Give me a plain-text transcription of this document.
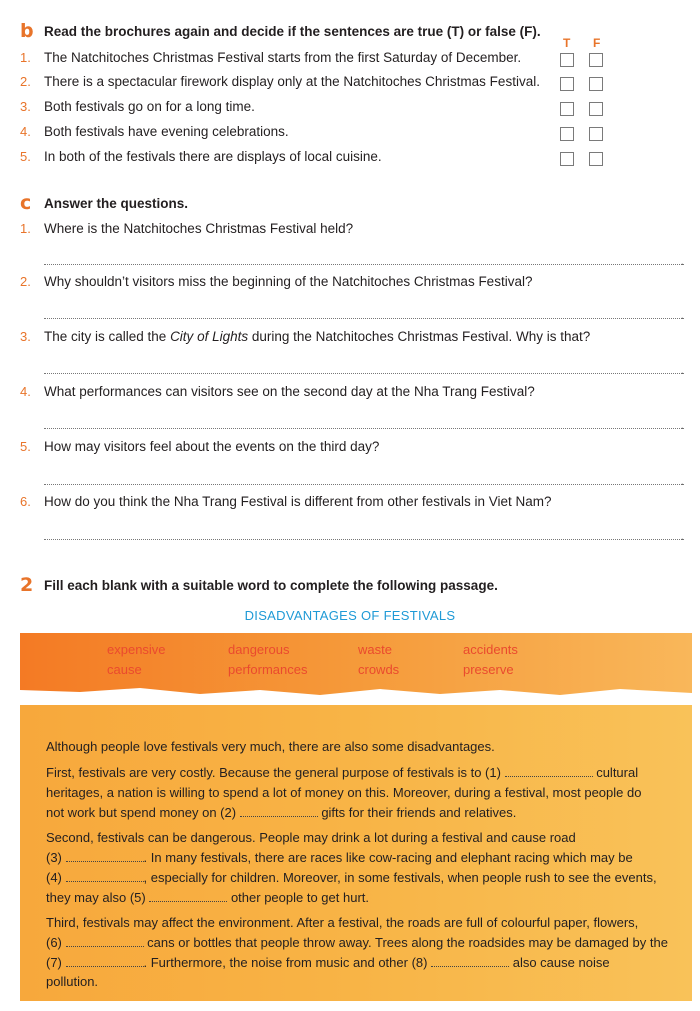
b Read the brochures again and decide if the sentences are true (T) or false (F).
T F
1. The Natchitoches Christmas Festival starts from the first Saturday of December.
2. There is a spectacular firework display only at the Natchitoches Christmas Festival.
3. Both festivals go on for a long time.
4. Both festivals have evening celebrations.
5. In both of the festivals there are displays of local cuisine.
c Answer the questions.
1. Where is the Natchitoches Christmas Festival held?
.
2. Why shouldn’t visitors miss the beginning of the Natchitoches Christmas Festival?
.
3. The city is called the City of Lights during the Natchitoches Christmas Festival. Why is that?
.
4. What performances can visitors see on the second day at the Nha Trang Festival?
.
5. How may visitors feel about the events on the third day?
.
6. How do you think the Nha Trang Festival is different from other festivals in Viet Nam?
.
2 Fill each blank with a suitable word to complete the following passage.
DISADVANTAGES OF FESTIVALS
expensive	dangerous	waste	accidents
cause	performances	crowds	preserve
Although people love festivals very much, there are also some disadvantages.
First, festivals are very costly. Because the general purpose of festivals is to (1)	cultural
heritages, a nation is willing to spend a lot of money on this. Moreover, during a festival, most people do
not work but spend money on (2)	gifts for their friends and relatives.
Second, festivals can be dangerous. People may drink a lot during a festival and cause road
(3)	. In many festivals, there are races like cow-racing and elephant racing which may be
(4)	, especially for children. Moreover, in some festivals, when people rush to see the events,
they may also (5)	other people to get hurt.
Third, festivals may affect the environment. After a festival, the roads are full of colourful paper, flowers,
(6)	cans or bottles that people throw away. Trees along the roadsides may be damaged by the
(7)	. Furthermore, the noise from music and other (8)	also cause noise
pollution.
